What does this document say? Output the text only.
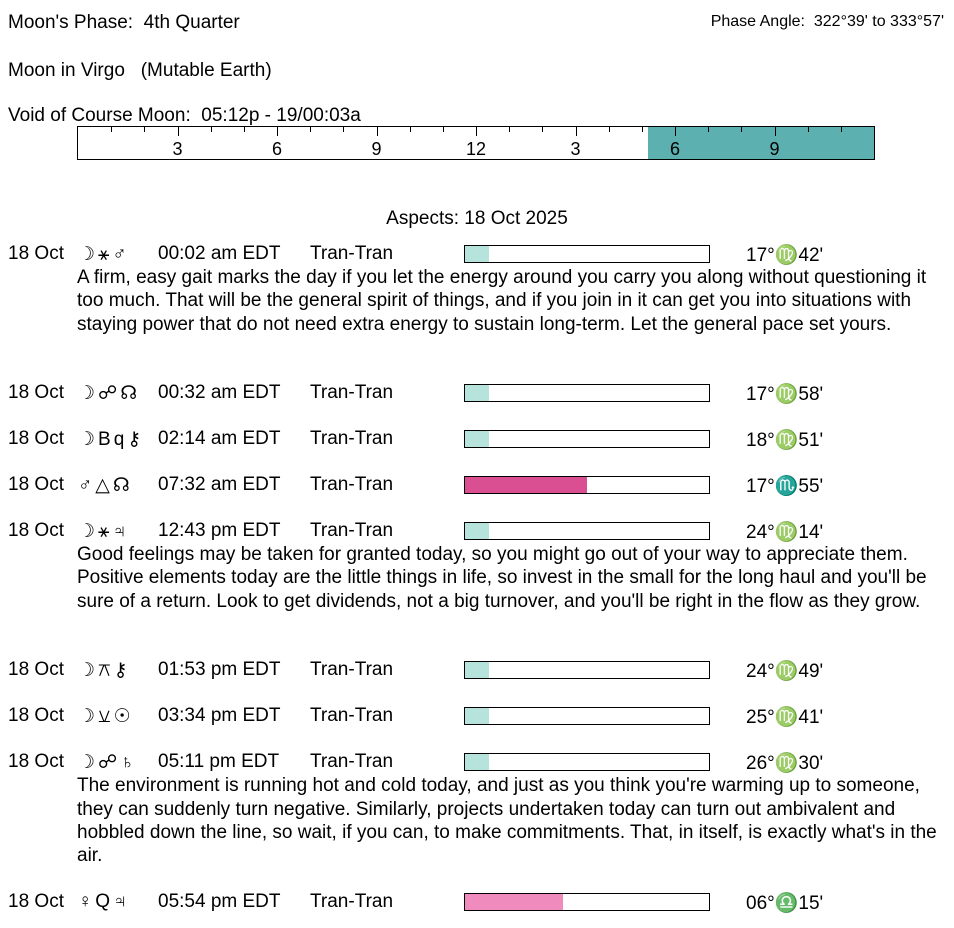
Moon's Phase: 4th Quarter	Phase Angle: 322°39' to 333°57'
Moon in Virgo (Mutable Earth)
Void of Course Moon: 05:12p - 19/00:03a
3	6	9	12	3	6	9
Aspects: 18 Oct 2025
18 Oct ☽⚹♂ 00:02 am EDT Tran-Tran	17°♍42'
A firm, easy gait marks the day if you let the energy around you carry you along without questioning it too much. That will be the general spirit of things, and if you join in it can get you into situations with staying power that do not need extra energy to sustain long-term. Let the general pace set yours.
18 Oct ☽☍☊ 00:32 am EDT Tran-Tran	17°♍58'
18 Oct ☽Bq⚷ 02:14 am EDT Tran-Tran	18°♍51'
18 Oct ♂△☊ 07:32 am EDT Tran-Tran	17°♏55'
18 Oct ☽⚹♃ 12:43 pm EDT Tran-Tran	24°♍14'
Good feelings may be taken for granted today, so you might go out of your way to appreciate them. Positive elements today are the little things in life, so invest in the small for the long haul and you'll be sure of a return. Look to get dividends, not a big turnover, and you'll be right in the flow as they grow.
18 Oct ☽⚻⚷ 01:53 pm EDT Tran-Tran	24°♍49'
18 Oct ☽⚺☉ 03:34 pm EDT Tran-Tran	25°♍41'
18 Oct ☽☍♄ 05:11 pm EDT Tran-Tran	26°♍30'
The environment is running hot and cold today, and just as you think you're warming up to someone, they can suddenly turn negative. Similarly, projects undertaken today can turn out ambivalent and hobbled down the line, so wait, if you can, to make commitments. That, in itself, is exactly what's in the air.
18 Oct ♀Q♃ 05:54 pm EDT Tran-Tran	06°♎15'
